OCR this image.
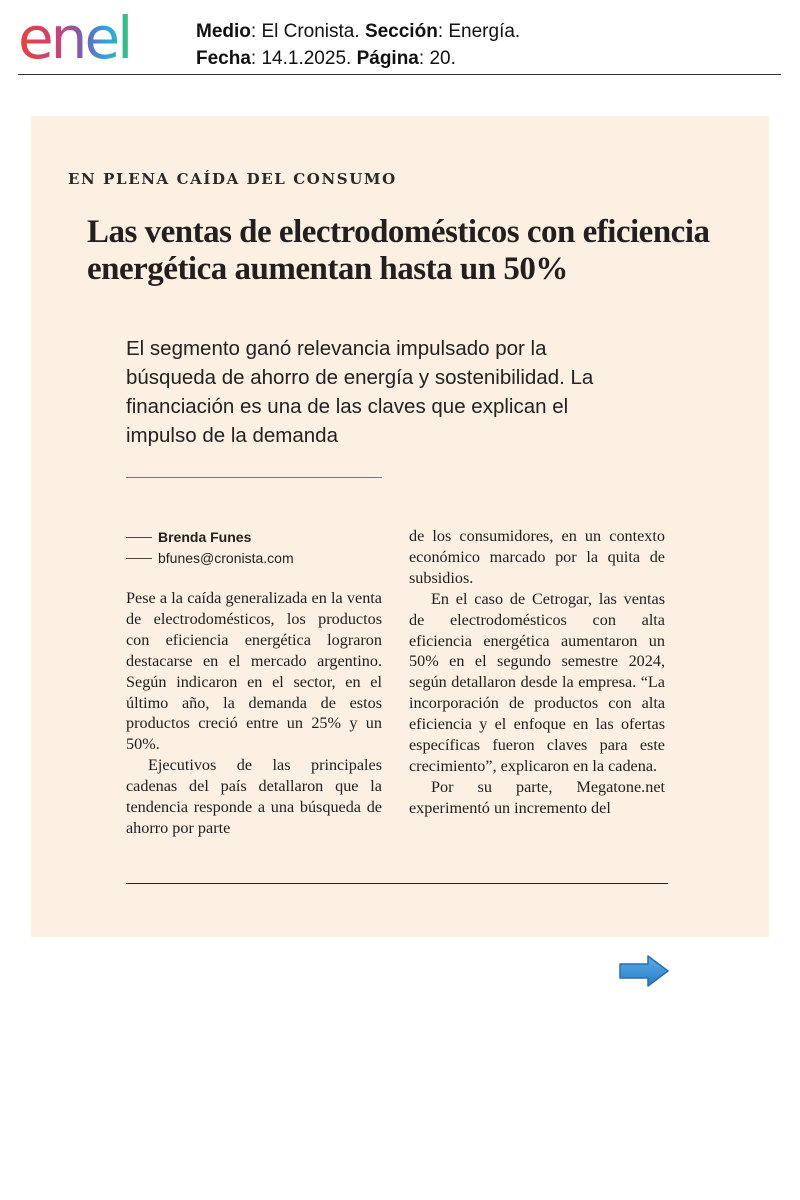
enel	Medio: El Cronista. Sección: Energía.
Fecha: 14.1.2025. Página: 20.
EN PLENA CAÍDA DEL CONSUMO
Las ventas de electrodomésticos con eficiencia energética aumentan hasta un 50%
El segmento ganó relevancia impulsado por la búsqueda de ahorro de energía y sostenibilidad. La financiación es una de las claves que explican el impulso de la demanda
Brenda Funes
bfunes@cronista.com

Pese a la caída generalizada en la venta de electrodomésticos, los productos con eficiencia energética lograron destacarse en el mercado argentino. Según indicaron en el sector, en el último año, la demanda de estos productos creció entre un 25% y un 50%.

Ejecutivos de las principales cadenas del país detallaron que la tendencia responde a una búsqueda de ahorro por parte

de los consumidores, en un contexto económico marcado por la quita de subsidios.

En el caso de Cetrogar, las ventas de electrodomésticos con alta eficiencia energética aumentaron un 50% en el segundo semestre 2024, según detallaron desde la empresa. “La incorporación de productos con alta eficiencia y el enfoque en las ofertas específicas fueron claves para este crecimiento”, explicaron en la cadena.

Por su parte, Megatone.net experimentó un incremento del
